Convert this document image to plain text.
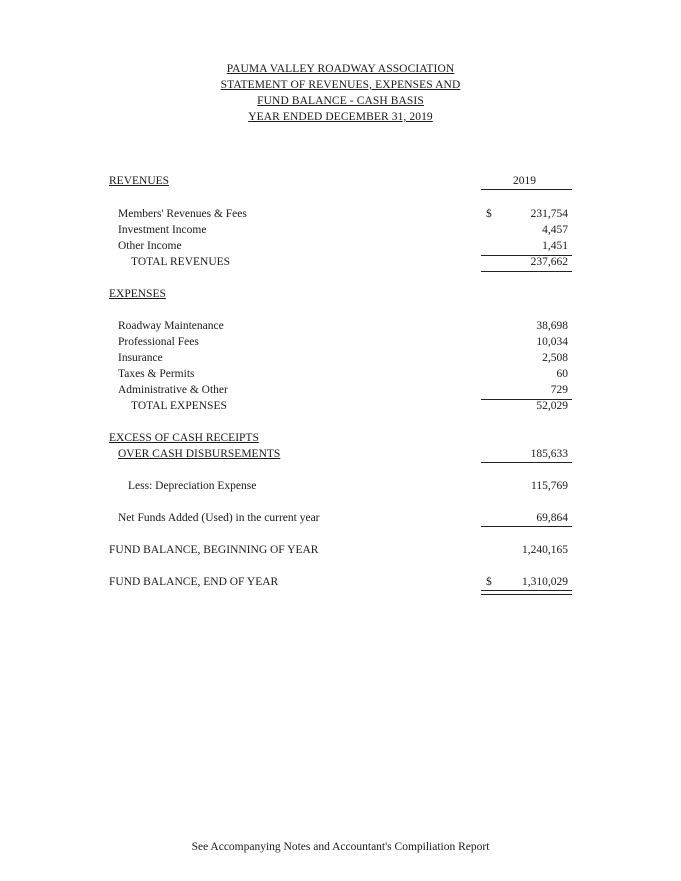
PAUMA VALLEY ROADWAY ASSOCIATION
STATEMENT OF REVENUES, EXPENSES AND
FUND BALANCE - CASH BASIS
YEAR ENDED DECEMBER 31, 2019
REVENUES	2019
Members' Revenues & Fees	$	231,754
Investment Income	4,457
Other Income	1,451
TOTAL REVENUES	237,662
EXPENSES
Roadway Maintenance	38,698
Professional Fees	10,034
Insurance	2,508
Taxes & Permits	60
Administrative & Other	729
TOTAL EXPENSES	52,029
EXCESS OF CASH RECEIPTS
OVER CASH DISBURSEMENTS	185,633
Less: Depreciation Expense	115,769
Net Funds Added (Used) in the current year	69,864
FUND BALANCE, BEGINNING OF YEAR	1,240,165
FUND BALANCE, END OF YEAR	$	1,310,029
See Accompanying Notes and Accountant's Compiliation Report
